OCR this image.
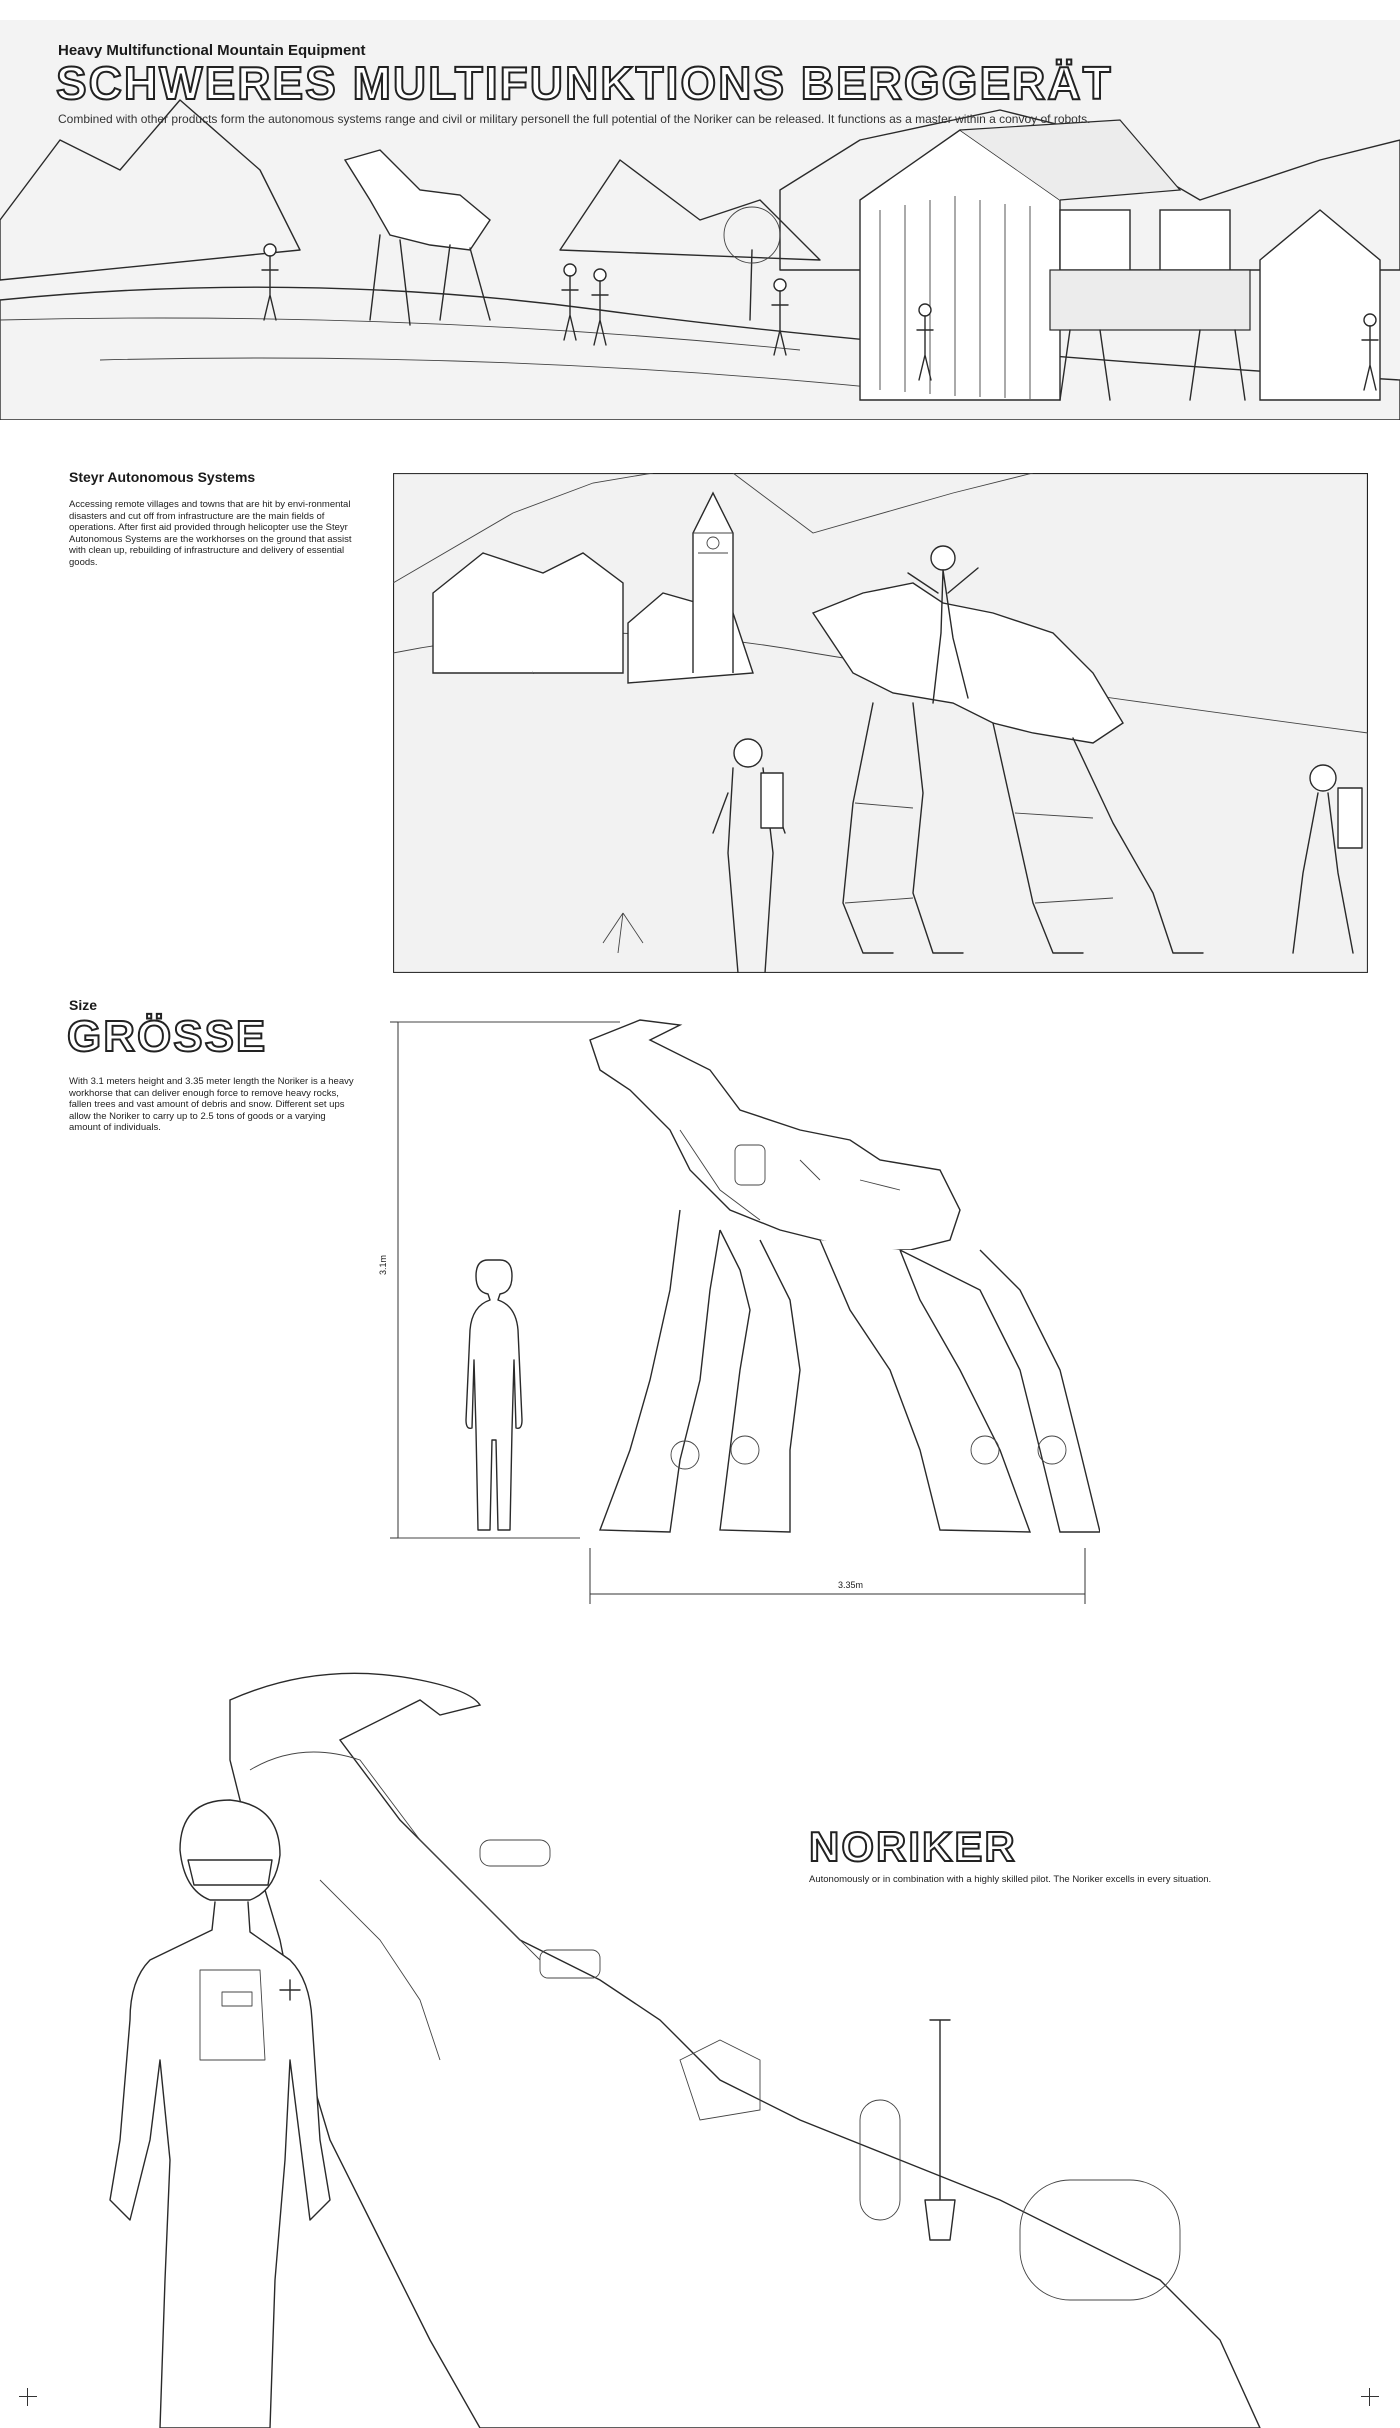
Heavy Multifunctional Mountain Equipment
SCHWERES MULTIFUNKTIONS BERGGERÄT
Combined with other products form the autonomous systems range and civil or military personell the full potential of the Noriker can be released. It functions as a master within a convoy of robots.
Steyr Autonomous Systems
Accessing remote villages and towns that are hit by envi-ronmental disasters and cut off from infrastructure are the main fields of operations. After first aid provided through helicopter use the Steyr Autonomous Systems are the workhorses on the ground that assist with clean up, rebuilding of infrastructure and delivery of essential goods.
Size
GRÖSSE
With 3.1 meters height and 3.35 meter length the Noriker is a heavy workhorse that can deliver enough force to remove heavy rocks, fallen trees and vast amount of debris and snow. Different set ups allow the Noriker to carry up to 2.5 tons of goods or a varying amount of individuals.
3.1m
3.35m
NORIKER
Autonomously or in combination with a highly skilled pilot. The Noriker excells in every situation.
